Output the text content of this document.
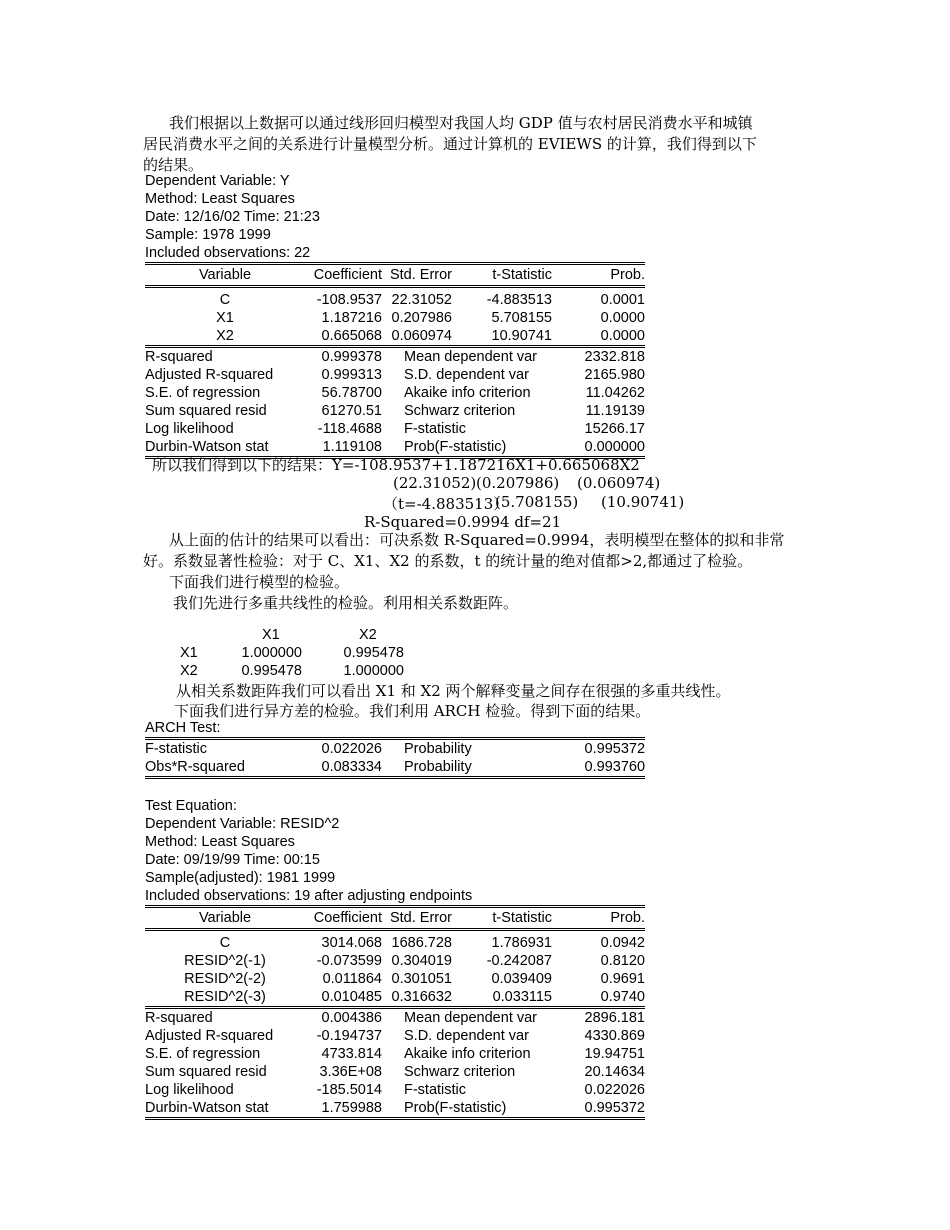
我们根据以上数据可以通过线形回归模型对我国人均 GDP 值与农村居民消费水平和城镇

居民消费水平之间的关系进行计量模型分析。通过计算机的 EVIEWS 的计算，我们得到以下

的结果。

Dependent Variable: Y
Method: Least Squares
Date: 12/16/02 Time: 21:23
Sample: 1978 1999
Included observations: 22
Variable	Coefficient	Std. Error	t-Statistic	Prob.

C	-108.9537	22.31052	-4.883513	0.0001
X1	1.187216	0.207986	5.708155	0.0000
X2	0.665068	0.060974	10.90741	0.0000
R-squared	0.999378	Mean dependent var		2332.818
Adjusted R-squared	0.999313	S.D. dependent var		2165.980
S.E. of regression	56.78700	Akaike info criterion		11.04262
Sum squared resid	61270.51	Schwarz criterion		11.19139
Log likelihood	-118.4688	F-statistic		15266.17
Durbin-Watson stat	1.119108	Prob(F-statistic)		0.000000
所以我们得到以下的结果：Y=-108.9537+1.187216X1+0.665068X2
(22.31052) (0.207986) (0.060974)
（t=-4.883513）
(5.708155) (10.90741)
R-Squared=0.9994 df=21

从上面的估计的结果可以看出：可决系数 R-Squared=0.9994，表明模型在整体的拟和非常

好。系数显著性检验：对于 C、X1、X2 的系数，t 的统计量的绝对值都>2,都通过了检验。

下面我们进行模型的检验。

我们先进行多重共线性的检验。利用相关系数距阵。

	X1	X2
X1	1.000000	0.995478
X2	0.995478	1.000000
从相关系数距阵我们可以看出 X1 和 X2 两个解释变量之间存在很强的多重共线性。
下面我们进行异方差的检验。我们利用 ARCH 检验。得到下面的结果。
ARCH Test:
F-statistic	0.022026	Probability	0.995372
Obs*R-squared	0.083334	Probability	0.993760
Test Equation:
Dependent Variable: RESID^2
Method: Least Squares
Date: 09/19/99 Time: 00:15
Sample(adjusted): 1981 1999
Included observations: 19 after adjusting endpoints
Variable	Coefficient	Std. Error	t-Statistic	Prob.

C	3014.068	1686.728	1.786931	0.0942
RESID^2(-1)	-0.073599	0.304019	-0.242087	0.8120
RESID^2(-2)	0.011864	0.301051	0.039409	0.9691
RESID^2(-3)	0.010485	0.316632	0.033115	0.9740
R-squared	0.004386	Mean dependent var		2896.181
Adjusted R-squared	-0.194737	S.D. dependent var		4330.869
S.E. of regression	4733.814	Akaike info criterion		19.94751
Sum squared resid	3.36E+08	Schwarz criterion		20.14634
Log likelihood	-185.5014	F-statistic		0.022026
Durbin-Watson stat	1.759988	Prob(F-statistic)		0.995372
